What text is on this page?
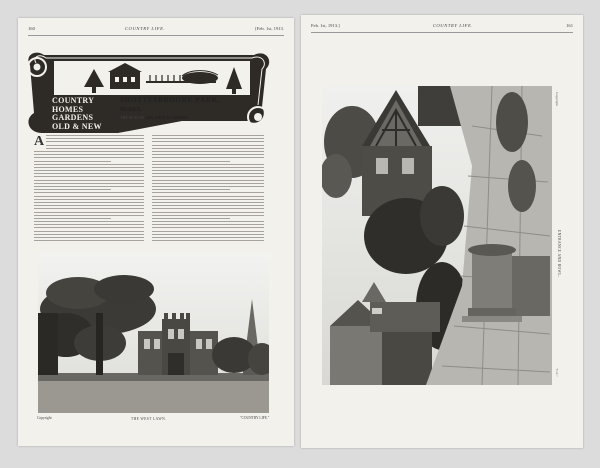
160	COUNTRY LIFE.	[Feb. 1st, 1913.
COUNTRY
HOMES
GARDENS
OLD & NEW
SHOTTESBROOKE PARK,
BERKS.
THE SEAT OF MR. GUY O. SMITH.
A
Copyright	THE WEST LAWN.	"COUNTRY LIFE."
Feb. 1st, 1913.]	COUNTRY LIFE.	161
Copyright
ENTRANCE AND BOWL.
"C.L."
